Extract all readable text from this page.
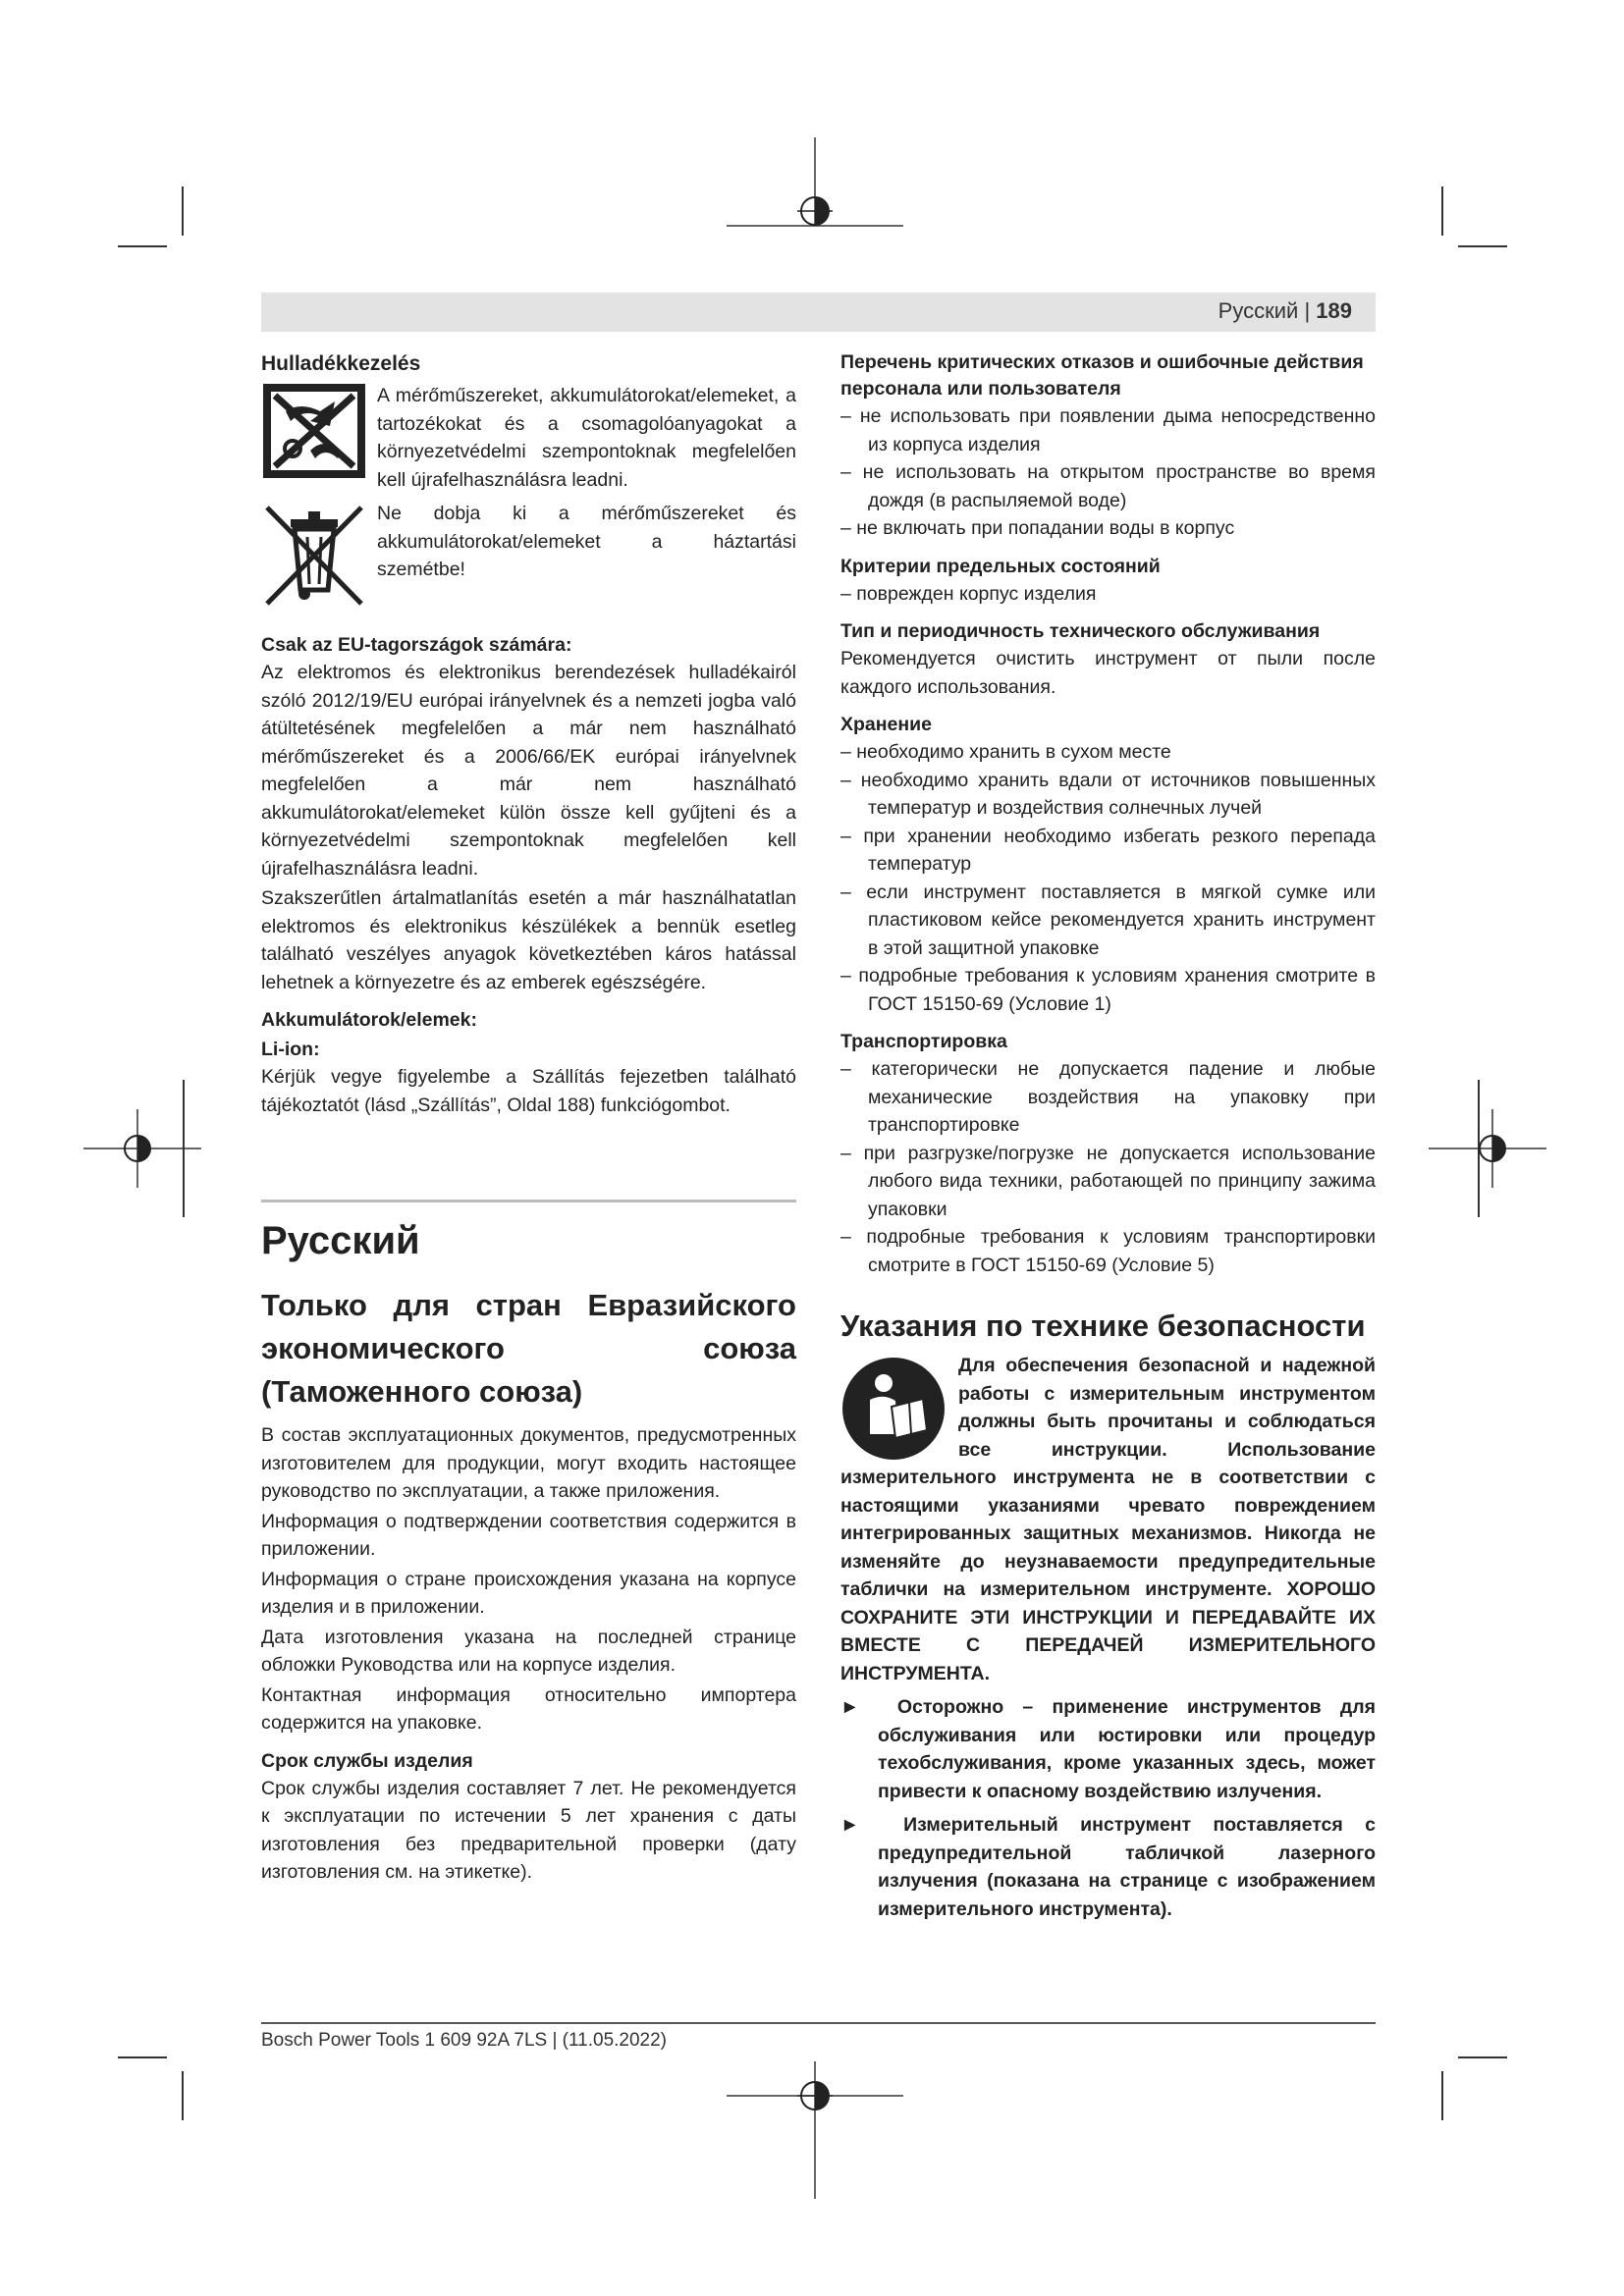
Русский | 189
Hulladékkezelés

A mérőműszereket, akkumulátorokat/elemeket, a tartozékokat és a csomagolóanyagokat a környezetvédelmi szempontoknak megfelelően kell újrafelhasználásra leadni.

Ne dobja ki a mérőműszereket és akkumulátorokat/elemeket a háztartási szemétbe!

Csak az EU-tagországok számára:

Az elektromos és elektronikus berendezések hulladékairól szóló 2012/19/EU európai irányelvnek és a nemzeti jogba való átültetésének megfelelően a már nem használható mérőműszereket és a 2006/66/EK európai irányelvnek megfelelően a már nem használható akkumulátorokat/elemeket külön össze kell gyűjteni és a környezetvédelmi szempontoknak megfelelően kell újrafelhasználásra leadni.

Szakszerűtlen ártalmatlanítás esetén a már használhatatlan elektromos és elektronikus készülékek a bennük esetleg található veszélyes anyagok következtében káros hatással lehetnek a környezetre és az emberek egészségére.

Akkumulátorok/elemek:
Li-ion:

Kérjük vegye figyelembe a Szállítás fejezetben található tájékoztatót (lásd „Szállítás”, Oldal 188) funkciógombot.

Русский

Только для стран Евразийского экономического союза (Таможенного союза)

В состав эксплуатационных документов, предусмотренных изготовителем для продукции, могут входить настоящее руководство по эксплуатации, а также приложения.

Информация о подтверждении соответствия содержится в приложении.

Информация о стране происхождения указана на корпусе изделия и в приложении.

Дата изготовления указана на последней странице обложки Руководства или на корпусе изделия.

Контактная информация относительно импортера содержится на упаковке.

Срок службы изделия

Срок службы изделия составляет 7 лет. Не рекомендуется к эксплуатации по истечении 5 лет хранения с даты изготовления без предварительной проверки (дату изготовления см. на этикетке).

Перечень критических отказов и ошибочные действия персонала или пользователя

– не использовать при появлении дыма непосредственно из корпуса изделия

– не использовать на открытом пространстве во время дождя (в распыляемой воде)

– не включать при попадании воды в корпус

Критерии предельных состояний

– поврежден корпус изделия

Тип и периодичность технического обслуживания

Рекомендуется очистить инструмент от пыли после каждого использования.

Хранение

– необходимо хранить в сухом месте

– необходимо хранить вдали от источников повышенных температур и воздействия солнечных лучей

– при хранении необходимо избегать резкого перепада температур

– если инструмент поставляется в мягкой сумке или пластиковом кейсе рекомендуется хранить инструмент в этой защитной упаковке

– подробные требования к условиям хранения смотрите в ГОСТ 15150-69 (Условие 1)

Транспортировка

– категорически не допускается падение и любые механические воздействия на упаковку при транспортировке

– при разгрузке/погрузке не допускается использование любого вида техники, работающей по принципу зажима упаковки

– подробные требования к условиям транспортировки смотрите в ГОСТ 15150-69 (Условие 5)

Указания по технике безопасности

Для обеспечения безопасной и надежной работы с измерительным инструментом должны быть прочитаны и соблюдаться все инструкции. Использование измерительного инструмента не в соответствии с настоящими указаниями чревато повреждением интегрированных защитных механизмов. Никогда не изменяйте до неузнаваемости предупредительные таблички на измерительном инструменте. ХОРОШО СОХРАНИТЕ ЭТИ ИНСТРУКЦИИ И ПЕРЕДАВАЙТЕ ИХ ВМЕСТЕ С ПЕРЕДАЧЕЙ ИЗМЕРИТЕЛЬНОГО ИНСТРУМЕНТА.

► Осторожно – применение инструментов для обслуживания или юстировки или процедур техобслуживания, кроме указанных здесь, может привести к опасному воздействию излучения.

► Измерительный инструмент поставляется с предупредительной табличкой лазерного излучения (показана на странице с изображением измерительного инструмента).

Bosch Power Tools 1 609 92A 7LS | (11.05.2022)
